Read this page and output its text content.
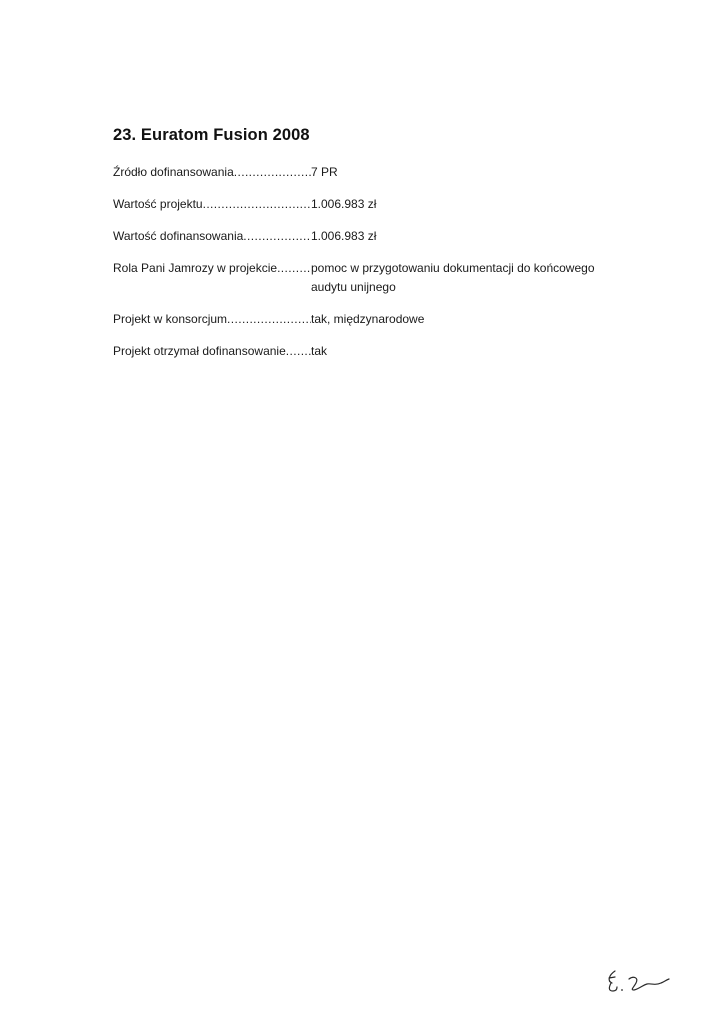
23. Euratom Fusion 2008
Źródło dofinansowania .....	7 PR
Wartość projektu .....	1.006.983 zł
Wartość dofinansowania .....	1.006.983 zł
Rola Pani Jamrozy w projekcie .....	pomoc w przygotowaniu dokumentacji do końcowego audytu unijnego
Projekt w konsorcjum .....	tak, międzynarodowe
Projekt otrzymał dofinansowanie ..... tak
